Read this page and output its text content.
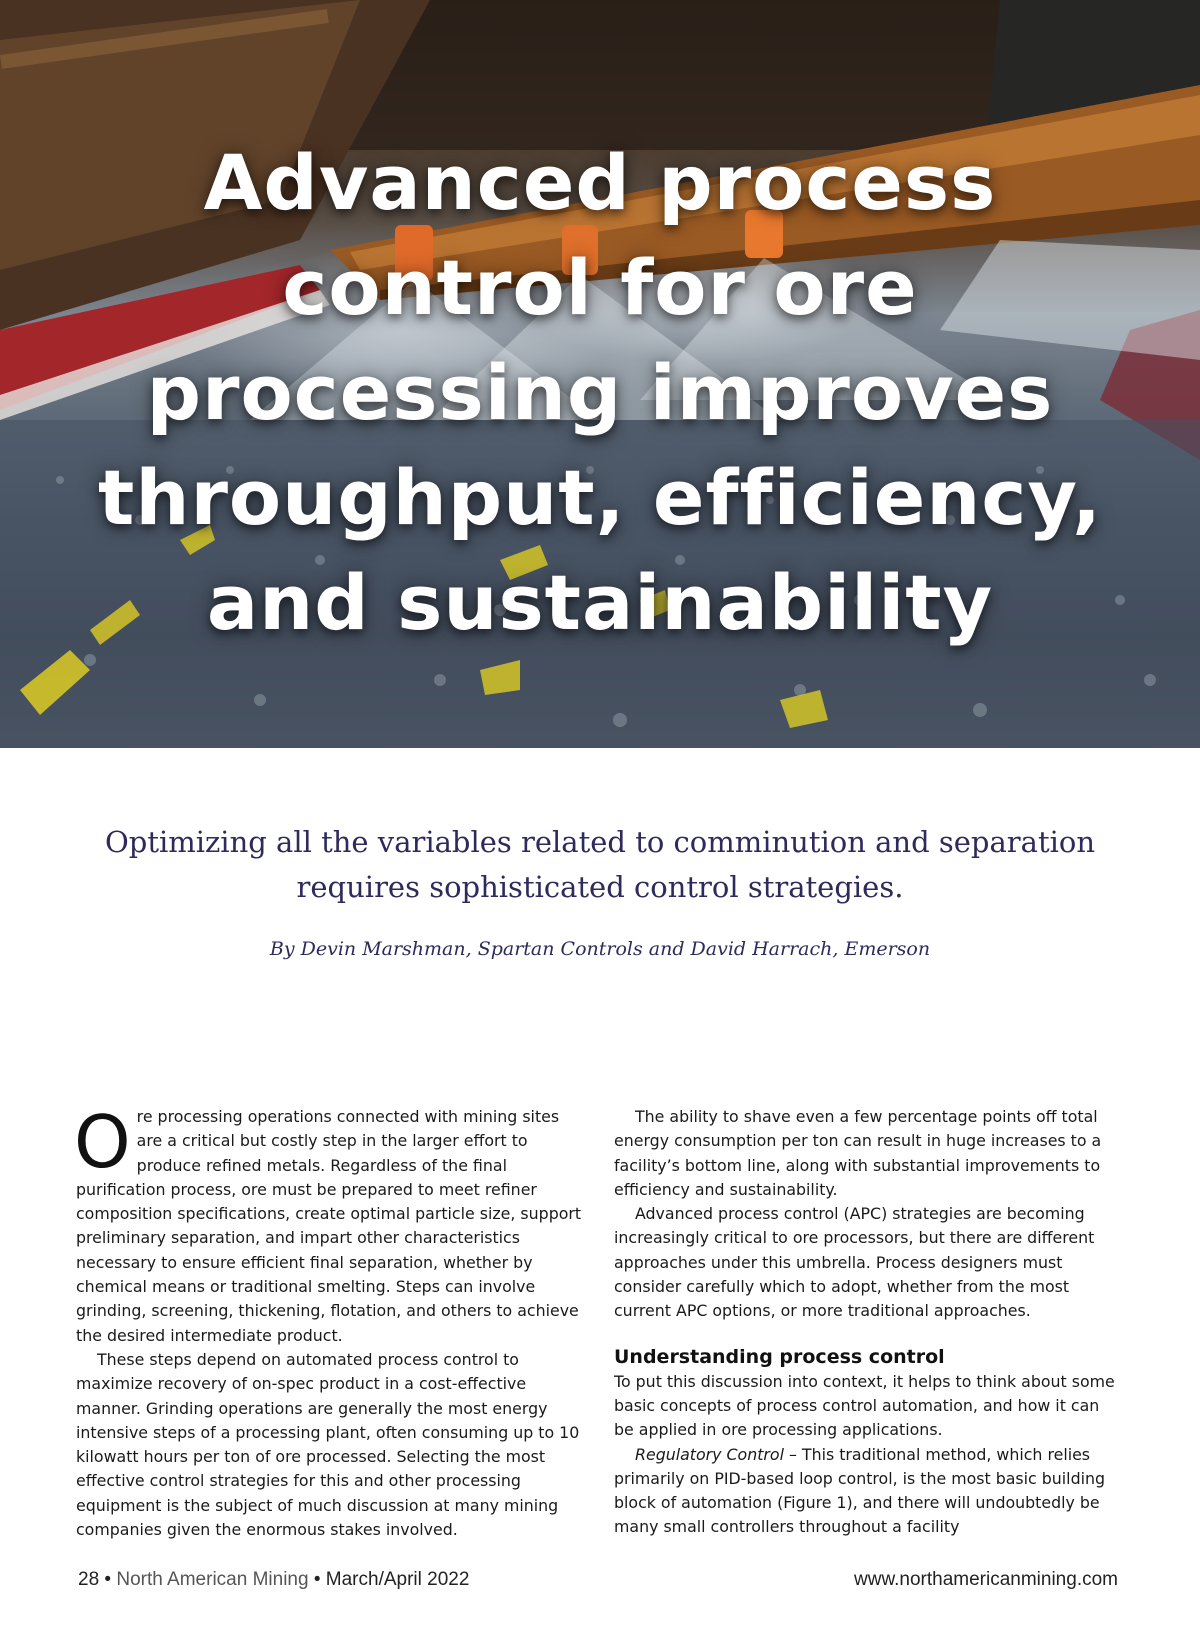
Advanced process control for ore processing improves throughput, efficiency, and sustainability
Optimizing all the variables related to comminution and separation requires sophisticated control strategies.

By Devin Marshman, Spartan Controls and David Harrach, Emerson

Ore processing operations connected with mining sites are a critical but costly step in the larger effort to produce refined metals. Regardless of the final purification process, ore must be prepared to meet refiner composition specifications, create optimal particle size, support preliminary separation, and impart other characteristics necessary to ensure efficient final separation, whether by chemical means or traditional smelting. Steps can involve grinding, screening, thickening, flotation, and others to achieve the desired intermediate product.

These steps depend on automated process control to maximize recovery of on-spec product in a cost-effective manner. Grinding operations are generally the most energy intensive steps of a processing plant, often consuming up to 10 kilowatt hours per ton of ore processed. Selecting the most effective control strategies for this and other processing equipment is the subject of much discussion at many mining companies given the enormous stakes involved.

The ability to shave even a few percentage points off total energy consumption per ton can result in huge increases to a facility’s bottom line, along with substantial improvements to efficiency and sustainability.

Advanced process control (APC) strategies are becoming increasingly critical to ore processors, but there are different approaches under this umbrella. Process designers must consider carefully which to adopt, whether from the most current APC options, or more traditional approaches.

Understanding process control

To put this discussion into context, it helps to think about some basic concepts of process control automation, and how it can be applied in ore processing applications.

Regulatory Control – This traditional method, which relies primarily on PID-based loop control, is the most basic building block of automation (Figure 1), and there will undoubtedly be many small controllers throughout a facility

28 • North American Mining • March/April 2022	www.northamericanmining.com
